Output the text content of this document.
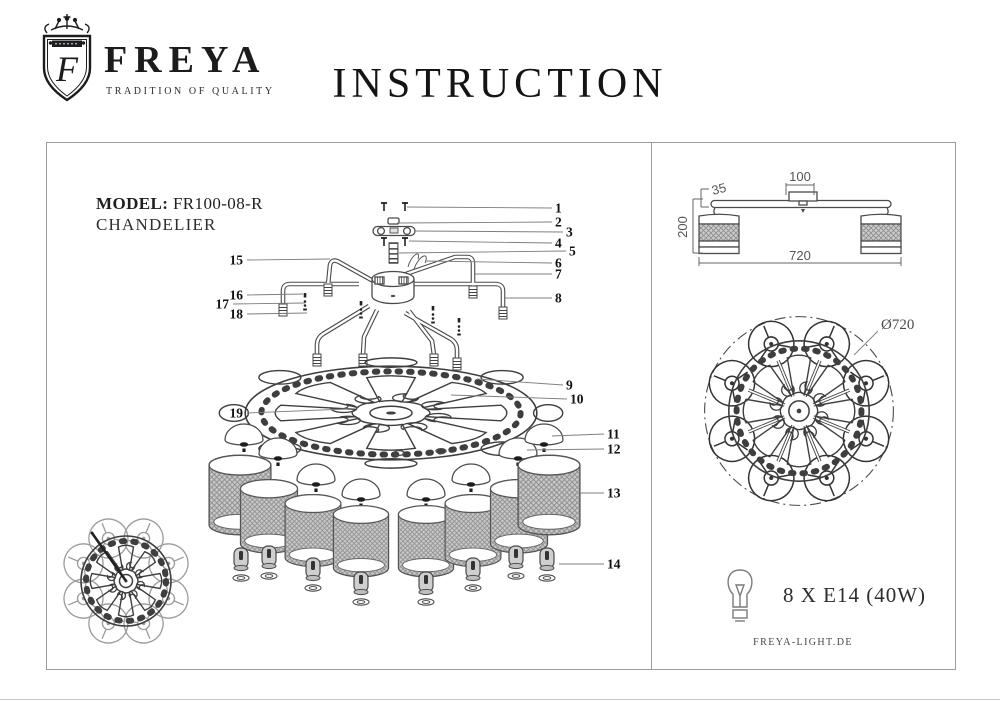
F FREYA
TRADITION OF QUALITY	INSTRUCTION
MODEL: FR100-08-R
CHANDELIER
1
2
3
4
5
6
7
8
9
10
11
12
13
14
15
16
17
18
19
100
35
200
720
Ø720
8 X E14 (40W)
FREYA-LIGHT.DE
